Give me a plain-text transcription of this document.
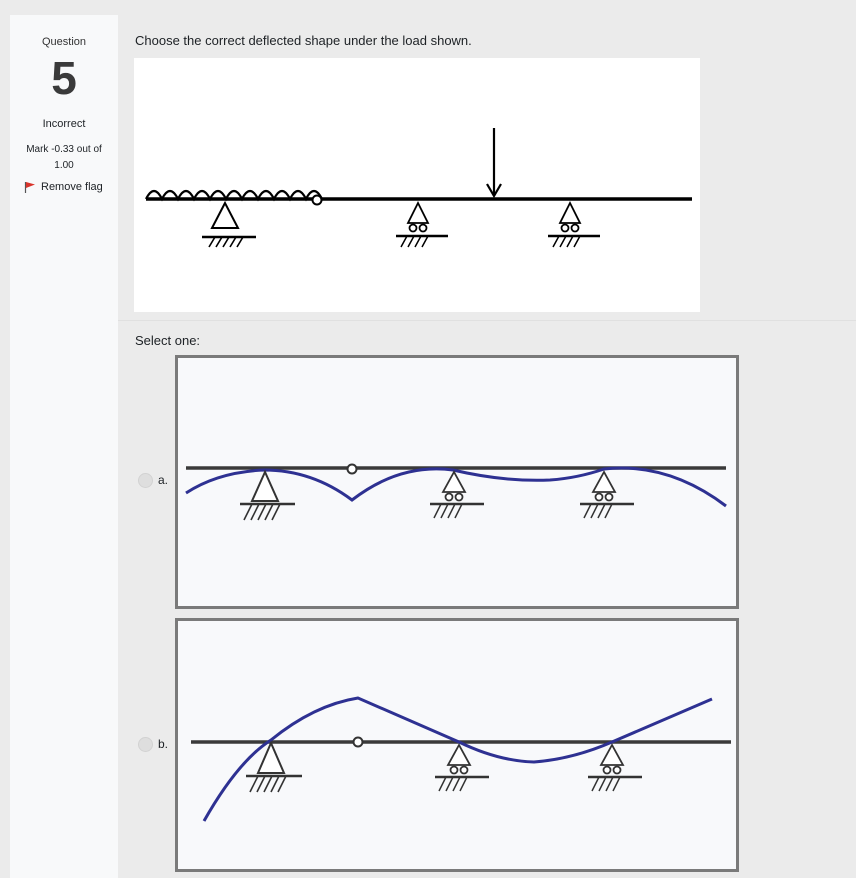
Question
5
Incorrect
Mark -0.33 out of
1.00
Remove flag
Choose the correct deflected shape under the load shown.
Select one:
a.
b.
